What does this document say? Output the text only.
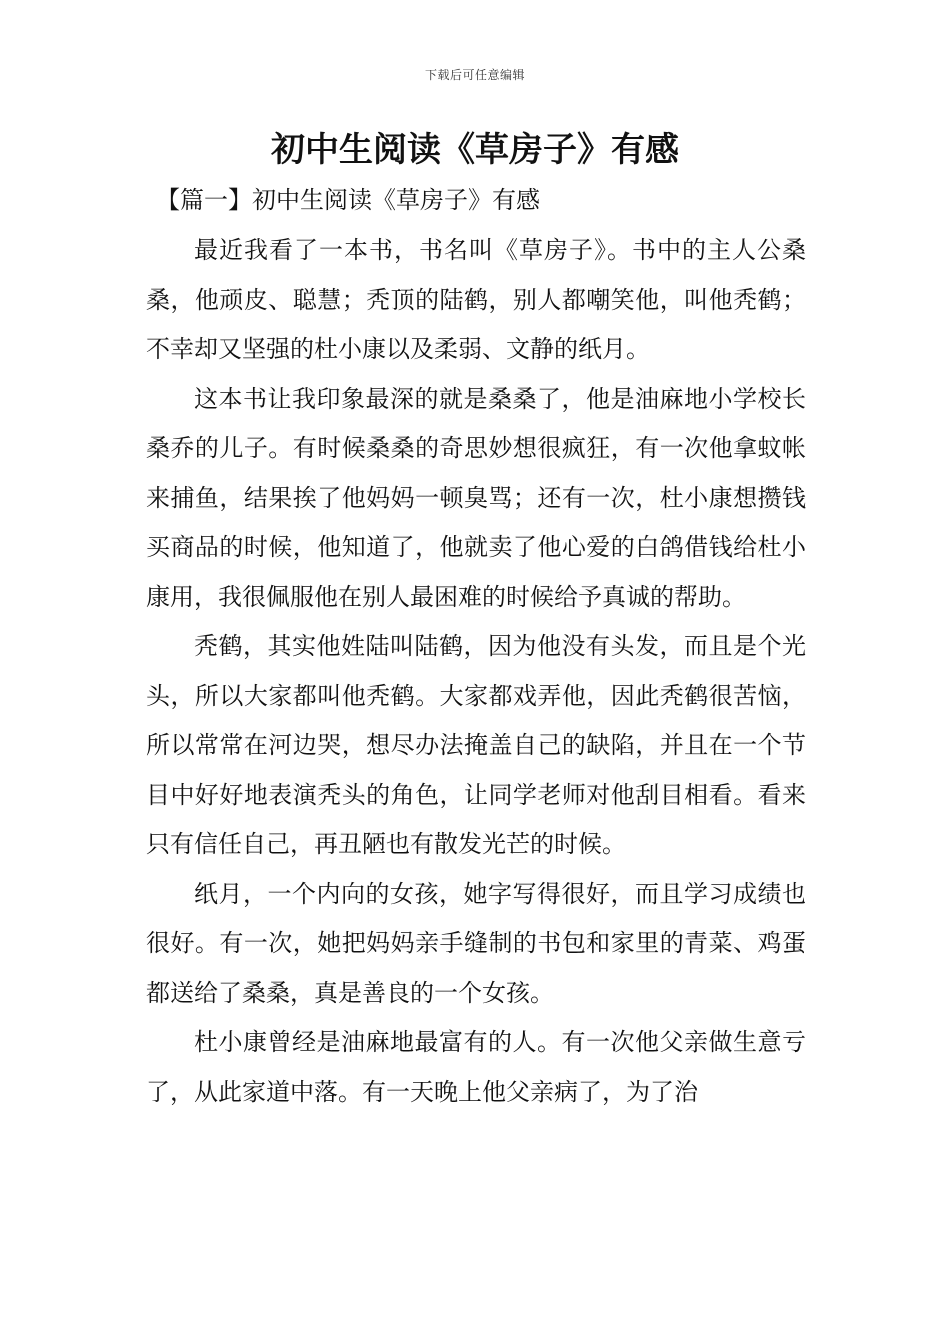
下载后可任意编辑
初中生阅读《草房子》有感
【篇一】初中生阅读《草房子》有感

最近我看了一本书，书名叫《草房子》。书中的主人公桑桑，他顽皮、聪慧；秃顶的陆鹤，别人都嘲笑他，叫他秃鹤；不幸却又坚强的杜小康以及柔弱、文静的纸月。

这本书让我印象最深的就是桑桑了，他是油麻地小学校长桑乔的儿子。有时候桑桑的奇思妙想很疯狂，有一次他拿蚊帐来捕鱼，结果挨了他妈妈一顿臭骂；还有一次，杜小康想攒钱买商品的时候，他知道了，他就卖了他心爱的白鸽借钱给杜小康用，我很佩服他在别人最困难的时候给予真诚的帮助。

秃鹤，其实他姓陆叫陆鹤，因为他没有头发，而且是个光头，所以大家都叫他秃鹤。大家都戏弄他，因此秃鹤很苦恼，所以常常在河边哭，想尽办法掩盖自己的缺陷，并且在一个节目中好好地表演秃头的角色，让同学老师对他刮目相看。看来只有信任自己，再丑陋也有散发光芒的时候。

纸月，一个内向的女孩，她字写得很好，而且学习成绩也很好。有一次，她把妈妈亲手缝制的书包和家里的青菜、鸡蛋都送给了桑桑，真是善良的一个女孩。

杜小康曾经是油麻地最富有的人。有一次他父亲做生意亏了，从此家道中落。有一天晚上他父亲病了，为了治
